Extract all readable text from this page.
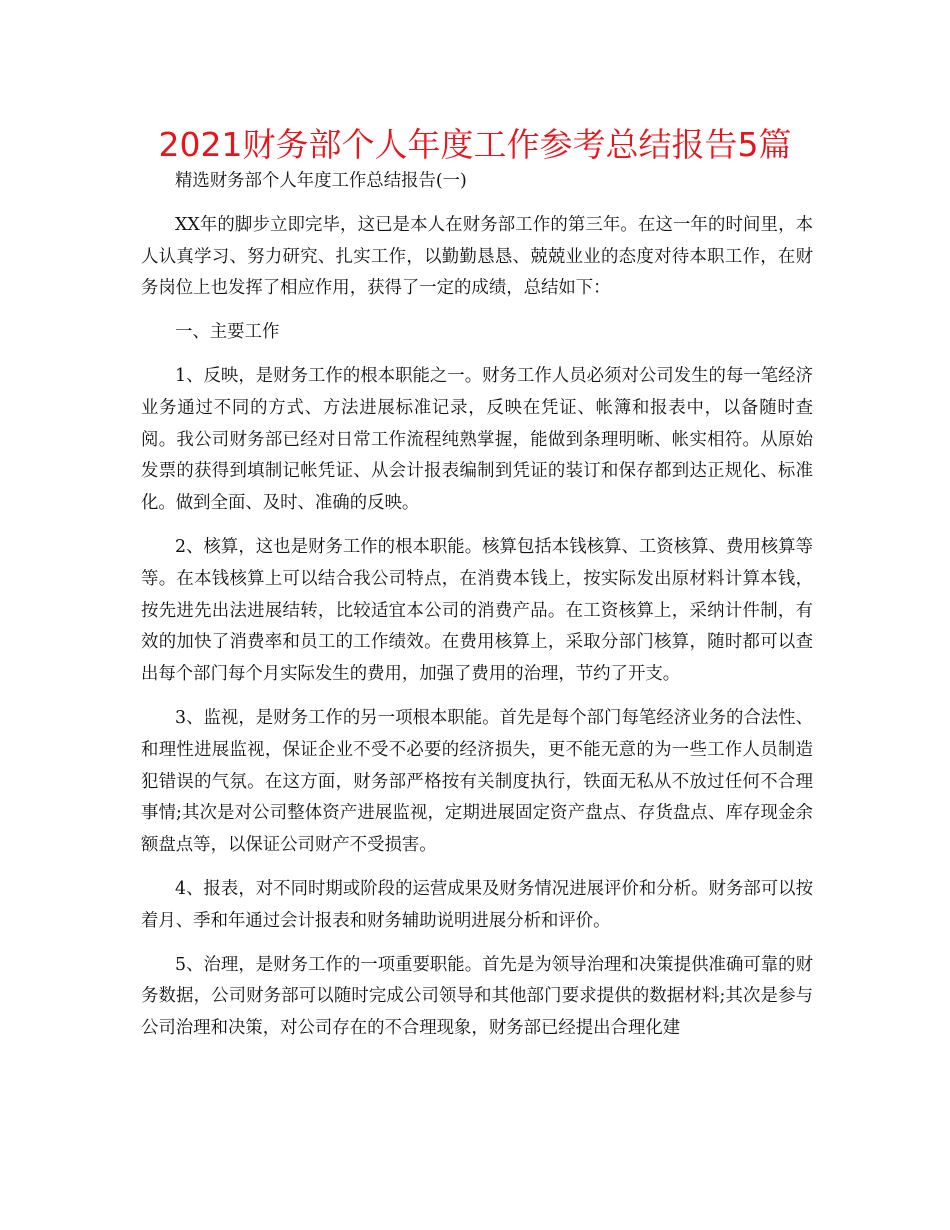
2021财务部个人年度工作参考总结报告5篇

精选财务部个人年度工作总结报告(一)

XX年的脚步立即完毕，这已是本人在财务部工作的第三年。在这一年的时间里，本人认真学习、努力研究、扎实工作，以勤勤恳恳、兢兢业业的态度对待本职工作，在财务岗位上也发挥了相应作用，获得了一定的成绩，总结如下：

一、主要工作

1、反映，是财务工作的根本职能之一。财务工作人员必须对公司发生的每一笔经济业务通过不同的方式、方法进展标准记录，反映在凭证、帐簿和报表中，以备随时查阅。我公司财务部已经对日常工作流程纯熟掌握，能做到条理明晰、帐实相符。从原始发票的获得到填制记帐凭证、从会计报表编制到凭证的装订和保存都到达正规化、标准化。做到全面、及时、准确的反映。

2、核算，这也是财务工作的根本职能。核算包括本钱核算、工资核算、费用核算等等。在本钱核算上可以结合我公司特点，在消费本钱上，按实际发出原材料计算本钱，按先进先出法进展结转，比较适宜本公司的消费产品。在工资核算上，采纳计件制，有效的加快了消费率和员工的工作绩效。在费用核算上，采取分部门核算，随时都可以查出每个部门每个月实际发生的费用，加强了费用的治理，节约了开支。

3、监视，是财务工作的另一项根本职能。首先是每个部门每笔经济业务的合法性、和理性进展监视，保证企业不受不必要的经济损失，更不能无意的为一些工作人员制造犯错误的气氛。在这方面，财务部严格按有关制度执行，铁面无私从不放过任何不合理事情;其次是对公司整体资产进展监视，定期进展固定资产盘点、存货盘点、库存现金余额盘点等，以保证公司财产不受损害。

4、报表，对不同时期或阶段的运营成果及财务情况进展评价和分析。财务部可以按着月、季和年通过会计报表和财务辅助说明进展分析和评价。

5、治理，是财务工作的一项重要职能。首先是为领导治理和决策提供准确可靠的财务数据，公司财务部可以随时完成公司领导和其他部门要求提供的数据材料;其次是参与公司治理和决策，对公司存在的不合理现象，财务部已经提出合理化建
